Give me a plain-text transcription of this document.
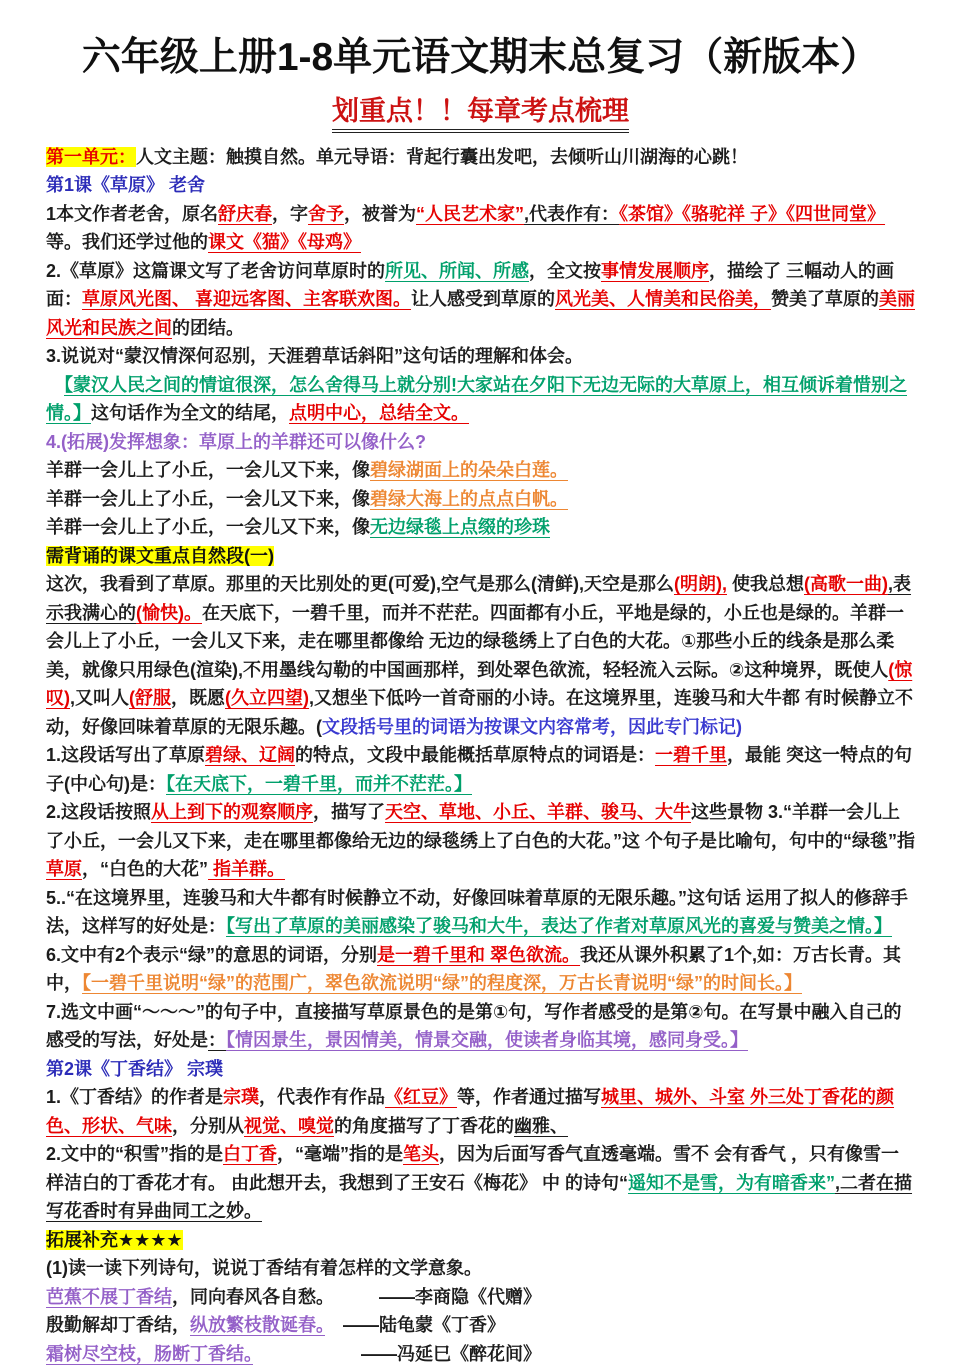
六年级上册1-8单元语文期末总复习（新版本）
划重点！！每章考点梳理

第一单元：人文主题：触摸自然。单元导语：背起行囊出发吧，去倾听山川湖海的心跳！

第1课《草原》 老舍

1本文作者老舍，原名舒庆春，字舍予，被誉为“人民艺术家”,代表作有：《茶馆》《骆驼祥 子》《四世同堂》等。我们还学过他的课文《猫》《母鸡》

2.《草原》这篇课文写了老舍访问草原时的所见、所闻、所感，全文按事情发展顺序，描绘了 三幅动人的画面：草原风光图、 喜迎远客图、主客联欢图。让人感受到草原的风光美、人情美和民俗美，赞美了草原的美丽风光和民族之间的团结。

3.说说对“蒙汉情深何忍别，天涯碧草话斜阳”这句话的理解和体会。

　【蒙汉人民之间的情谊很深，怎么舍得马上就分别!大家站在夕阳下无边无际的大草原上，相互倾诉着惜别之情。】这句话作为全文的结尾，点明中心，总结全文。

4.(拓展)发挥想象：草原上的羊群还可以像什么?

羊群一会儿上了小丘，一会儿又下来，像碧绿湖面上的朵朵白莲。

羊群一会儿上了小丘，一会儿又下来，像碧绿大海上的点点白帆。

羊群一会儿上了小丘，一会儿又下来，像无边绿毯上点缀的珍珠

需背诵的课文重点自然段(一)

这次，我看到了草原。那里的天比别处的更(可爱),空气是那么(清鲜),天空是那么(明朗), 使我总想(高歌一曲),表示我满心的(愉快)。在天底下，一碧千里，而并不茫茫。四面都有小丘，平地是绿的，小丘也是绿的。羊群一会儿上了小丘，一会儿又下来，走在哪里都像给 无边的绿毯绣上了白色的大花。①那些小丘的线条是那么柔美，就像只用绿色(渲染),不用墨线勾勒的中国画那样，到处翠色欲流，轻轻流入云际。②这种境界，既使人(惊叹),又叫人(舒服，既愿(久立四望),又想坐下低吟一首奇丽的小诗。在这境界里，连骏马和大牛都 有时候静立不动，好像回味着草原的无限乐趣。(文段括号里的词语为按课文内容常考，因此专门标记)

1.这段话写出了草原碧绿、辽阔的特点，文段中最能概括草原特点的词语是：一碧千里，最能 突这一特点的句子(中心句)是：【在天底下，一碧千里，而并不茫茫。】

2.这段话按照从上到下的观察顺序，描写了天空、草地、小丘、羊群、骏马、大牛这些景物 3.“羊群一会儿上了小丘，一会儿又下来，走在哪里都像给无边的绿毯绣上了白色的大花。”这 个句子是比喻句，句中的“绿毯”指草原，“白色的大花” 指羊群。

5..“在这境界里，连骏马和大牛都有时候静立不动，好像回味着草原的无限乐趣。”这句话 运用了拟人的修辞手法，这样写的好处是：【写出了草原的美丽感染了骏马和大牛，表达了作者对草原风光的喜爱与赞美之情。】

6.文中有2个表示“绿”的意思的词语，分别是一碧千里和 翠色欲流。我还从课外积累了1个,如：万古长青。其中，【一碧千里说明“绿”的范围广，翠色欲流说明“绿”的程度深，万古长青说明“绿”的时间长。】

7.选文中画“～～～”的句子中，直接描写草原景色的是第①句，写作者感受的是第②句。在写景中融入自己的感受的写法，好处是：【情因景生，景因情美，情景交融，使读者身临其境，感同身受。】

第2课《丁香结》 宗璞

1.《丁香结》的作者是宗璞，代表作有作品《红豆》等，作者通过描写城里、城外、斗室 外三处丁香花的颜色、形状、气味，分别从视觉、嗅觉的角度描写了丁香花的幽雅、

2.文中的“积雪”指的是白丁香，“毫端”指的是笔头，因为后面写香气直透毫端。雪不 会有香气 ，只有像雪一样洁白的丁香花才有。 由此想开去，我想到了王安石《梅花》 中 的诗句“遥知不是雪，为有暗香来”,二者在描写花香时有异曲同工之妙。

拓展补充★★★★

(1)读一读下列诗句，说说丁香结有着怎样的文学意象。

芭蕉不展丁香结，同向春风各自愁。　　　——李商隐《代赠》

殷勤解却丁香结，纵放繁枝散诞春。　——陆龟蒙《丁香》

霜树尽空枝，肠断丁香结。　　　　　　——冯延巳《醉花间》
